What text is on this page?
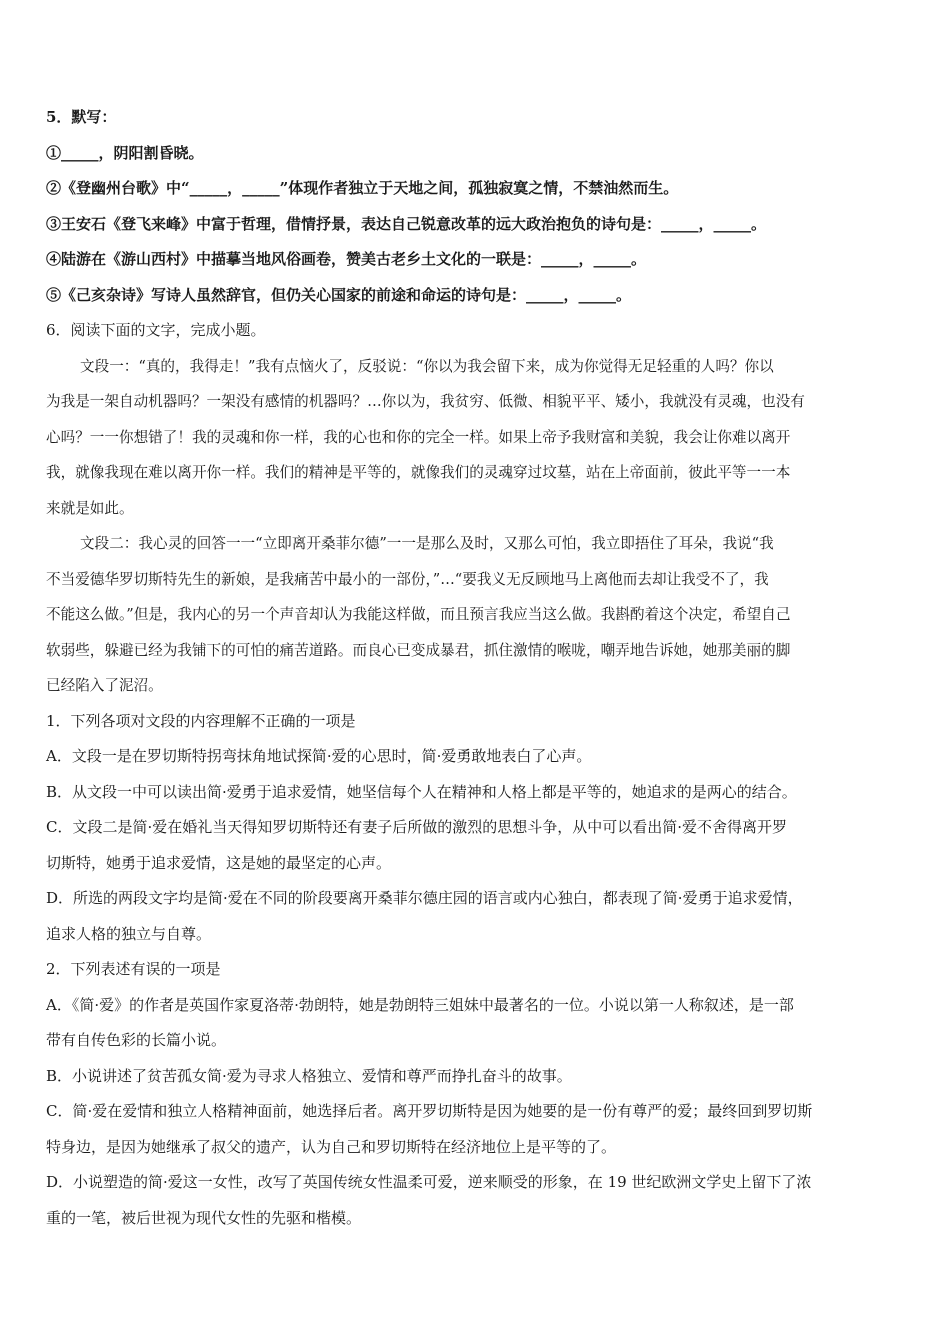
5．默写：
①_____，阴阳割昏晓。
②《登幽州台歌》中“_____，_____”体现作者独立于天地之间，孤独寂寞之情，不禁油然而生。
③王安石《登飞来峰》中富于哲理，借情抒景，表达自己锐意改革的远大政治抱负的诗句是：_____，_____。
④陆游在《游山西村》中描摹当地风俗画卷，赞美古老乡土文化的一联是：_____，_____。
⑤《己亥杂诗》写诗人虽然辞官，但仍关心国家的前途和命运的诗句是：_____，_____。
6．阅读下面的文字，完成小题。
文段一：“真的，我得走！”我有点恼火了，反驳说：“你以为我会留下来，成为你觉得无足轻重的人吗？你以
为我是一架自动机器吗？一架没有感情的机器吗？…你以为，我贫穷、低微、相貌平平、矮小，我就没有灵魂，也没有
心吗？一一你想错了！我的灵魂和你一样，我的心也和你的完全一样。如果上帝予我财富和美貌，我会让你难以离开
我，就像我现在难以离开你一样。我们的精神是平等的，就像我们的灵魂穿过坟墓，站在上帝面前，彼此平等一一本
来就是如此。
文段二：我心灵的回答一一“立即离开桑菲尔德”一一是那么及时，又那么可怕，我立即捂住了耳朵，我说“我
不当爱德华罗切斯特先生的新娘，是我痛苦中最小的一部份，”…“要我义无反顾地马上离他而去却让我受不了，我
不能这么做。”但是，我内心的另一个声音却认为我能这样做，而且预言我应当这么做。我斟酌着这个决定，希望自己
软弱些，躲避已经为我铺下的可怕的痛苦道路。而良心已变成暴君，抓住激情的喉咙，嘲弄地告诉她，她那美丽的脚
已经陷入了泥沼。
1．下列各项对文段的内容理解不正确的一项是
A．文段一是在罗切斯特拐弯抹角地试探简·爱的心思时，简·爱勇敢地表白了心声。
B．从文段一中可以读出简·爱勇于追求爱情，她坚信每个人在精神和人格上都是平等的，她追求的是两心的结合。
C．文段二是简·爱在婚礼当天得知罗切斯特还有妻子后所做的激烈的思想斗争，从中可以看出简·爱不舍得离开罗
切斯特，她勇于追求爱情，这是她的最坚定的心声。
D．所选的两段文字均是简·爱在不同的阶段要离开桑菲尔德庄园的语言或内心独白，都表现了简·爱勇于追求爱情，
追求人格的独立与自尊。
2．下列表述有误的一项是
A．《简·爱》的作者是英国作家夏洛蒂·勃朗特，她是勃朗特三姐妹中最著名的一位。小说以第一人称叙述，是一部
带有自传色彩的长篇小说。
B．小说讲述了贫苦孤女简·爱为寻求人格独立、爱情和尊严而挣扎奋斗的故事。
C．简·爱在爱情和独立人格精神面前，她选择后者。离开罗切斯特是因为她要的是一份有尊严的爱；最终回到罗切斯
特身边，是因为她继承了叔父的遗产，认为自己和罗切斯特在经济地位上是平等的了。
D．小说塑造的简·爱这一女性，改写了英国传统女性温柔可爱，逆来顺受的形象，在 19 世纪欧洲文学史上留下了浓
重的一笔，被后世视为现代女性的先驱和楷模。
